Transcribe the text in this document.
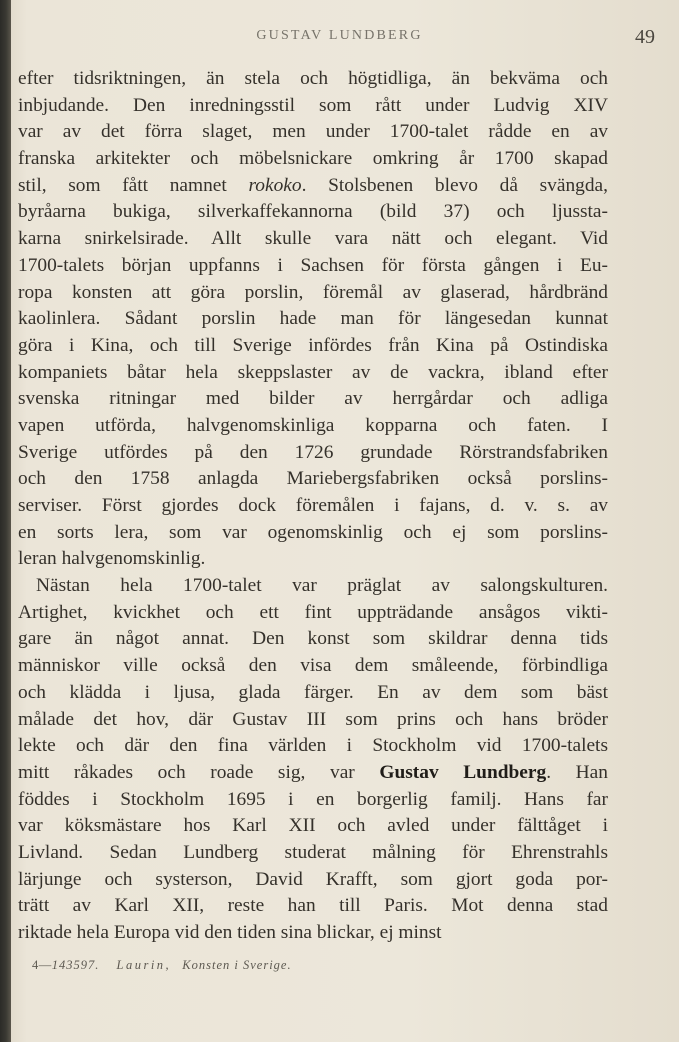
GUSTAV LUNDBERG	49
efter tidsriktningen, än stela och högtidliga, än bekväma och
inbjudande. Den inredningsstil som rått under Ludvig XIV
var av det förra slaget, men under 1700-talet rådde en av
franska arkitekter och möbelsnickare omkring år 1700 skapad
stil, som fått namnet rokoko. Stolsbenen blevo då svängda,
byråarna bukiga, silverkaffekannorna (bild 37) och ljussta-
karna snirkelsirade. Allt skulle vara nätt och elegant. Vid
1700-talets början uppfanns i Sachsen för första gången i Eu-
ropa konsten att göra porslin, föremål av glaserad, hårdbränd
kaolinlera. Sådant porslin hade man för längesedan kunnat
göra i Kina, och till Sverige infördes från Kina på Ostindiska
kompaniets båtar hela skeppslaster av de vackra, ibland efter
svenska ritningar med bilder av herrgårdar och adliga
vapen utförda, halvgenomskinliga kopparna och faten. I
Sverige utfördes på den 1726 grundade Rörstrandsfabriken
och den 1758 anlagda Mariebergsfabriken också porslins-
serviser. Först gjordes dock föremålen i fajans, d. v. s. av
en sorts lera, som var ogenomskinlig och ej som porslins-
leran halvgenomskinlig.
Nästan hela 1700-talet var präglat av salongskulturen.
Artighet, kvickhet och ett fint uppträdande ansågos vikti-
gare än något annat. Den konst som skildrar denna tids
människor ville också den visa dem småleende, förbindliga
och klädda i ljusa, glada färger. En av dem som bäst
målade det hov, där Gustav III som prins och hans bröder
lekte och där den fina världen i Stockholm vid 1700-talets
mitt råkades och roade sig, var Gustav Lundberg. Han
föddes i Stockholm 1695 i en borgerlig familj. Hans far
var köksmästare hos Karl XII och avled under fälttåget i
Livland. Sedan Lundberg studerat målning för Ehrenstrahls
lärjunge och systerson, David Krafft, som gjort goda por-
trätt av Karl XII, reste han till Paris. Mot denna stad
riktade hela Europa vid den tiden sina blickar, ej minst
4—143597. Laurin, Konsten i Sverige.
